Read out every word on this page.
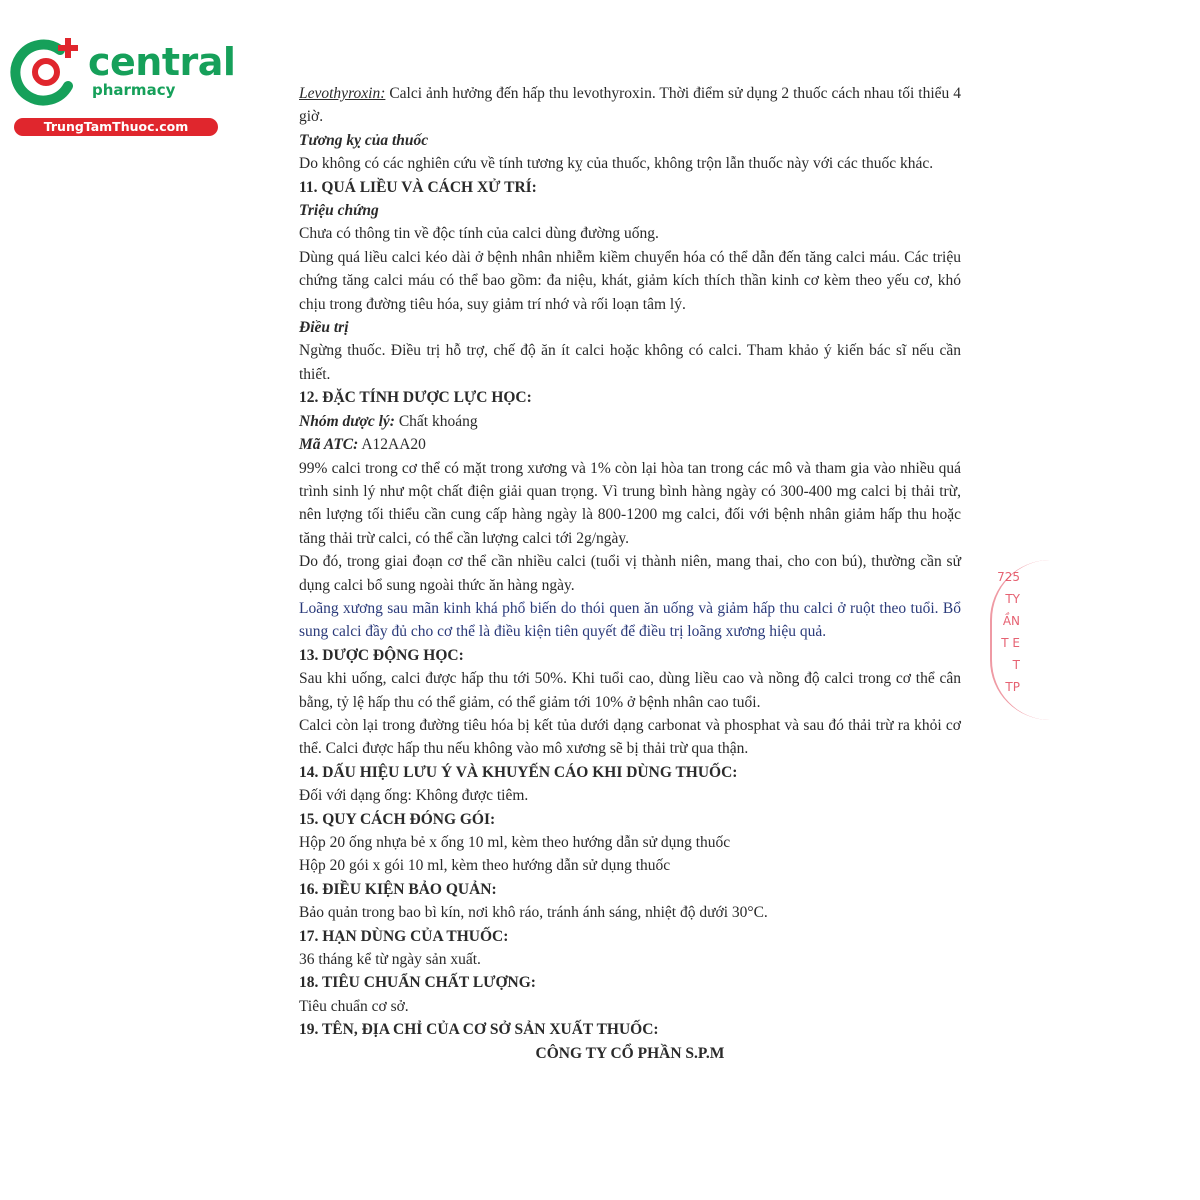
central
pharmacy
TrungTamThuoc.com

Levothyroxin: Calci ảnh hưởng đến hấp thu levothyroxin. Thời điểm sử dụng 2 thuốc cách nhau tối thiểu 4 giờ.

Tương kỵ của thuốc

Do không có các nghiên cứu về tính tương kỵ của thuốc, không trộn lẫn thuốc này với các thuốc khác.

11. QUÁ LIỀU VÀ CÁCH XỬ TRÍ:

Triệu chứng

Chưa có thông tin về độc tính của calci dùng đường uống.

Dùng quá liều calci kéo dài ở bệnh nhân nhiễm kiềm chuyển hóa có thể dẫn đến tăng calci máu. Các triệu chứng tăng calci máu có thể bao gồm: đa niệu, khát, giảm kích thích thần kinh cơ kèm theo yếu cơ, khó chịu trong đường tiêu hóa, suy giảm trí nhớ và rối loạn tâm lý.

Điều trị

Ngừng thuốc. Điều trị hỗ trợ, chế độ ăn ít calci hoặc không có calci. Tham khảo ý kiến bác sĩ nếu cần thiết.

12. ĐẶC TÍNH DƯỢC LỰC HỌC:

Nhóm dược lý: Chất khoáng

Mã ATC: A12AA20

99% calci trong cơ thể có mặt trong xương và 1% còn lại hòa tan trong các mô và tham gia vào nhiều quá trình sinh lý như một chất điện giải quan trọng. Vì trung bình hàng ngày có 300-400 mg calci bị thải trừ, nên lượng tối thiểu cần cung cấp hàng ngày là 800-1200 mg calci, đối với bệnh nhân giảm hấp thu hoặc tăng thải trừ calci, có thể cần lượng calci tới 2g/ngày.

Do đó, trong giai đoạn cơ thể cần nhiều calci (tuổi vị thành niên, mang thai, cho con bú), thường cần sử dụng calci bổ sung ngoài thức ăn hàng ngày.

Loãng xương sau mãn kinh khá phổ biến do thói quen ăn uống và giảm hấp thu calci ở ruột theo tuổi. Bổ sung calci đầy đủ cho cơ thể là điều kiện tiên quyết để điều trị loãng xương hiệu quả.

13. DƯỢC ĐỘNG HỌC:

Sau khi uống, calci được hấp thu tới 50%. Khi tuổi cao, dùng liều cao và nồng độ calci trong cơ thể cân bằng, tỷ lệ hấp thu có thể giảm, có thể giảm tới 10% ở bệnh nhân cao tuổi.

Calci còn lại trong đường tiêu hóa bị kết tủa dưới dạng carbonat và phosphat và sau đó thải trừ ra khỏi cơ thể. Calci được hấp thu nếu không vào mô xương sẽ bị thải trừ qua thận.

14. DẤU HIỆU LƯU Ý VÀ KHUYẾN CÁO KHI DÙNG THUỐC:

Đối với dạng ống: Không được tiêm.

15. QUY CÁCH ĐÓNG GÓI:

Hộp 20 ống nhựa bẻ x ống 10 ml, kèm theo hướng dẫn sử dụng thuốc

Hộp 20 gói x gói 10 ml, kèm theo hướng dẫn sử dụng thuốc

16. ĐIỀU KIỆN BẢO QUẢN:

Bảo quản trong bao bì kín, nơi khô ráo, tránh ánh sáng, nhiệt độ dưới 30°C.

17. HẠN DÙNG CỦA THUỐC:

36 tháng kể từ ngày sản xuất.

18. TIÊU CHUẨN CHẤT LƯỢNG:

Tiêu chuẩn cơ sở.

19. TÊN, ĐỊA CHỈ CỦA CƠ SỞ SẢN XUẤT THUỐC:

CÔNG TY CỔ PHẦN S.P.M

725
TY
ẦN
T E
T
TP
